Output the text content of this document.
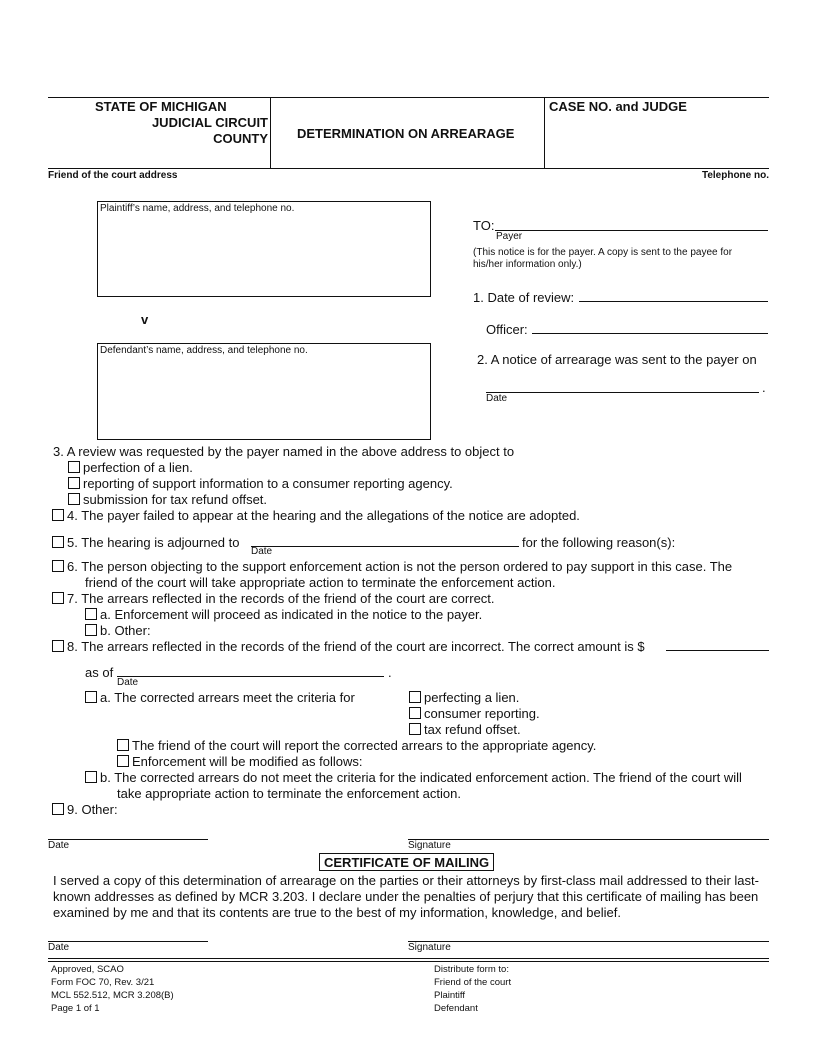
STATE OF MICHIGAN
JUDICIAL CIRCUIT
COUNTY DETERMINATION ON ARREARAGE
CASE NO. and JUDGE
Friend of the court address	Telephone no.
Plaintiff’s name, address, and telephone no.
v
Defendant’s name, address, and telephone no.
TO:
Payer
(This notice is for the payer. A copy is sent to the payee for his/her information only.)
1. Date of review:
Officer:
2. A notice of arrearage was sent to the payer on
.
Date
3. A review was requested by the payer named in the above address to object to
perfection of a lien.
reporting of support information to a consumer reporting agency.
submission for tax refund offset.
4. The payer failed to appear at the hearing and the allegations of the notice are adopted.
5. The hearing is adjourned to
Date
for the following reason(s):
6. The person objecting to the support enforcement action is not the person ordered to pay support in this case. The
friend of the court will take appropriate action to terminate the enforcement action.
7. The arrears reflected in the records of the friend of the court are correct.
a. Enforcement will proceed as indicated in the notice to the payer.
b. Other:
8. The arrears reflected in the records of the friend of the court are incorrect. The correct amount is $
as of	.
Date
a. The corrected arrears meet the criteria for	perfecting a lien.
consumer reporting.
tax refund offset.
The friend of the court will report the corrected arrears to the appropriate agency.
Enforcement will be modified as follows:
b. The corrected arrears do not meet the criteria for the indicated enforcement action. The friend of the court will
take appropriate action to terminate the enforcement action.
9. Other:
Date	Signature
CERTIFICATE OF MAILING
I served a copy of this determination of arrearage on the parties or their attorneys by first-class mail addressed to their last-
known addresses as defined by MCR 3.203. I declare under the penalties of perjury that this certificate of mailing has been
examined by me and that its contents are true to the best of my information, knowledge, and belief.
Date	Signature
Approved, SCAO
Form FOC 70, Rev. 3/21
MCL 552.512, MCR 3.208(B)
Page 1 of 1
Distribute form to:
Friend of the court
Plaintiff
Defendant
